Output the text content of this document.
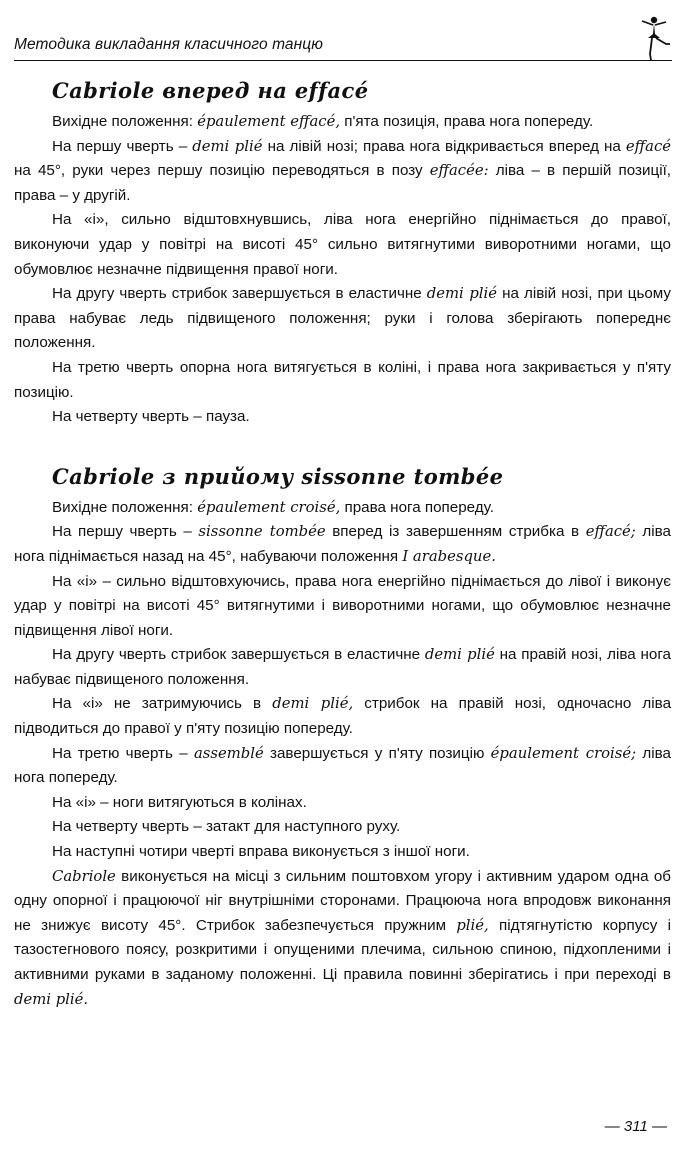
Методика викладання класичного танцю
Cabriole вперед на effacé

Вихідне положення: épaulement effacé, п'ята позиція, права нога попереду.

На першу чверть – demi plié на лівій нозі; права нога відкривається вперед на effacé на 45°, руки через першу позицію переводяться в позу effacée: ліва – в першій позиції, права – у другій.

На «і», сильно відштовхнувшись, ліва нога енергійно піднімається до правої, виконуючи удар у повітрі на висоті 45° сильно витягнутими виворотними ногами, що обумовлює незначне підвищення правої ноги.

На другу чверть стрибок завершується в еластичне demi plié на лівій нозі, при цьому права набуває ледь підвищеного положення; руки і голова зберігають попереднє положення.

На третю чверть опорна нога витягується в коліні, і права нога закривається у п'яту позицію.

На четверту чверть – пауза.

Cabriole з прийому sissonne tombée

Вихідне положення: épaulement croisé, права нога попереду.

На першу чверть – sissonne tombée вперед із завершенням стрибка в effacé; ліва нога піднімається назад на 45°, набуваючи положення I arabesque.

На «і» – сильно відштовхуючись, права нога енергійно піднімається до лівої і виконує удар у повітрі на висоті 45° витягнутими і виворотними ногами, що обумовлює незначне підвищення лівої ноги.

На другу чверть стрибок завершується в еластичне demi plié на правій нозі, ліва нога набуває підвищеного положення.

На «і» не затримуючись в demi plié, стрибок на правій нозі, одночасно ліва підводиться до правої у п'яту позицію попереду.

На третю чверть – assemblé завершується у п'яту позицію épaulement croisé; ліва нога попереду.

На «і» – ноги витягуються в колінах.

На четверту чверть – затакт для наступного руху.

На наступні чотири чверті вправа виконується з іншої ноги.

Cabriole виконується на місці з сильним поштовхом угору і активним ударом одна об одну опорної і працюючої ніг внутрішніми сторонами. Працююча нога впродовж виконання не знижує висоту 45°. Стрибок забезпечується пружним plié, підтягнутістю корпусу і тазостегнового поясу, розкритими і опущеними плечима, сильною спиною, підхопленими і активними руками в заданому положенні. Ці правила повинні зберігатись і при переході в demi plié.

— 311 —
